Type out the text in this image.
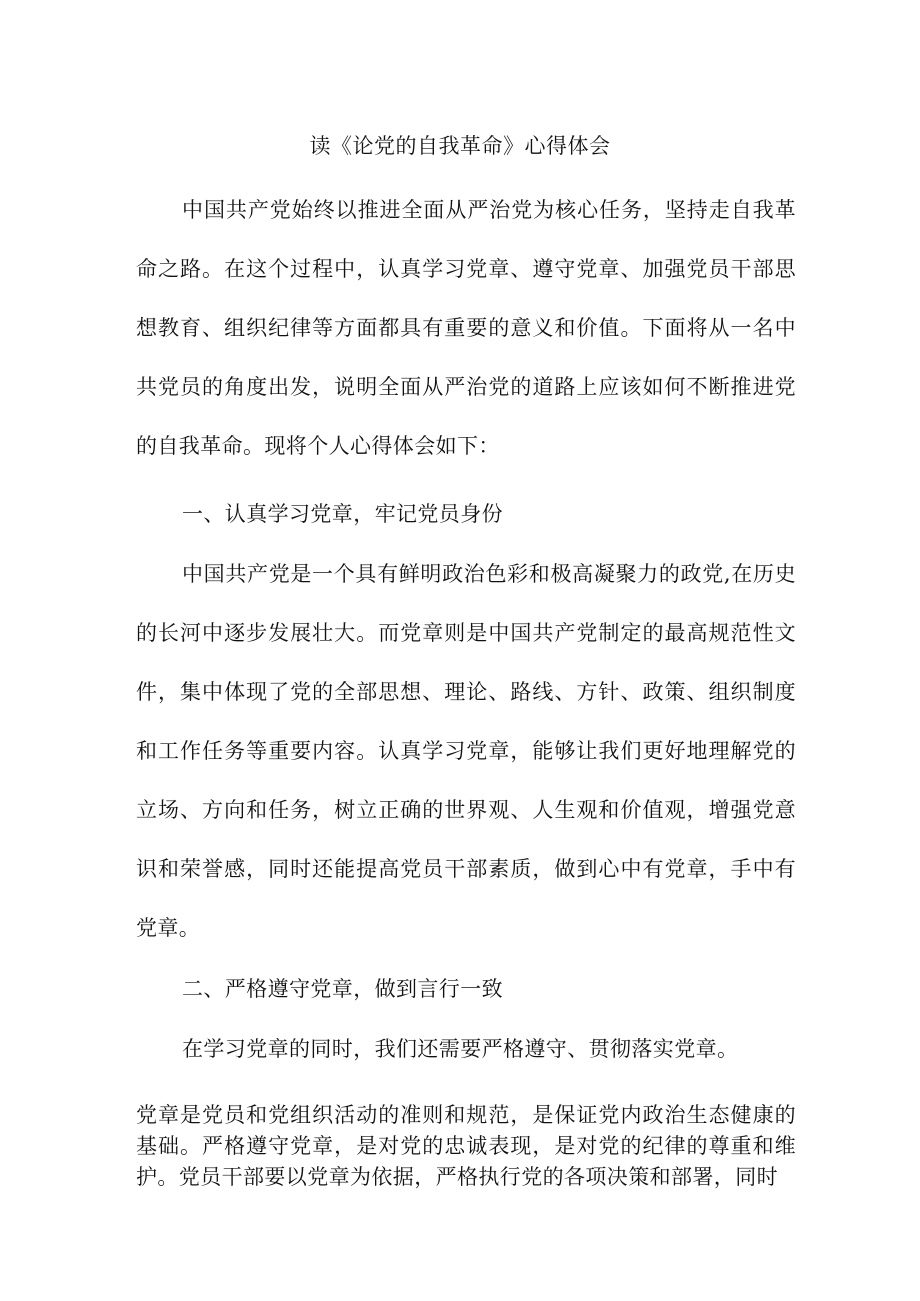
读《论党的自我革命》心得体会
中国共产党始终以推进全面从严治党为核心任务，坚持走自我革命之路。在这个过程中，认真学习党章、遵守党章、加强党员干部思想教育、组织纪律等方面都具有重要的意义和价值。下面将从一名中共党员的角度出发，说明全面从严治党的道路上应该如何不断推进党的自我革命。现将个人心得体会如下：
一、认真学习党章，牢记党员身份
中国共产党是一个具有鲜明政治色彩和极高凝聚力的政党,在历史的长河中逐步发展壮大。而党章则是中国共产党制定的最高规范性文件，集中体现了党的全部思想、理论、路线、方针、政策、组织制度和工作任务等重要内容。认真学习党章，能够让我们更好地理解党的立场、方向和任务，树立正确的世界观、人生观和价值观，增强党意识和荣誉感，同时还能提高党员干部素质，做到心中有党章，手中有党章。
二、严格遵守党章，做到言行一致
在学习党章的同时，我们还需要严格遵守、贯彻落实党章。
党章是党员和党组织活动的准则和规范，是保证党内政治生态健康的基础。严格遵守党章，是对党的忠诚表现，是对党的纪律的尊重和维护。党员干部要以党章为依据，严格执行党的各项决策和部署，同时
